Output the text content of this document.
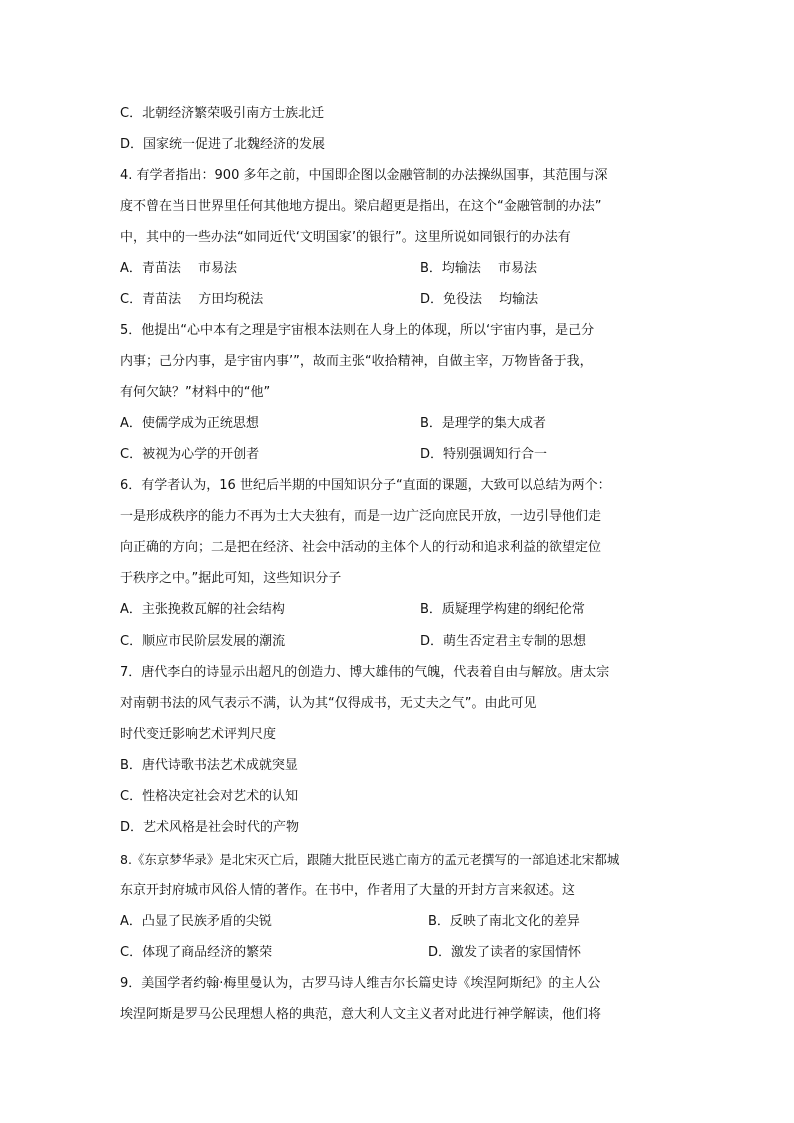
C．北朝经济繁荣吸引南方士族北迁
D．国家统一促进了北魏经济的发展
4. 有学者指出：900 多年之前，中国即企图以金融管制的办法操纵国事，其范围与深
度不曾在当日世界里任何其他地方提出。梁启超更是指出，在这个“金融管制的办法”
中，其中的一些办法“如同近代‘文明国家’的银行”。这里所说如同银行的办法有
A．青苗法　 市易法	B．均输法　 市易法
C．青苗法　 方田均税法	D．免役法　 均输法
5．他提出“心中本有之理是宇宙根本法则在人身上的体现，所以‘宇宙内事，是己分
内事；己分内事，是宇宙内事’”，故而主张“收拾精神，自做主宰，万物皆备于我，
有何欠缺？”材料中的“他”
A．使儒学成为正统思想	B．是理学的集大成者
C．被视为心学的开创者	D．特别强调知行合一
6．有学者认为，16 世纪后半期的中国知识分子“直面的课题，大致可以总结为两个：
一是形成秩序的能力不再为士大夫独有，而是一边广泛向庶民开放，一边引导他们走
向正确的方向；二是把在经济、社会中活动的主体个人的行动和追求利益的欲望定位
于秩序之中。”据此可知，这些知识分子
A．主张挽救瓦解的社会结构	B．质疑理学构建的纲纪伦常
C．顺应市民阶层发展的潮流	D．萌生否定君主专制的思想
7．唐代李白的诗显示出超凡的创造力、博大雄伟的气魄，代表着自由与解放。唐太宗
对南朝书法的风气表示不满，认为其“仅得成书，无丈夫之气”。由此可见
时代变迁影响艺术评判尺度
B．唐代诗歌书法艺术成就突显
C．性格决定社会对艺术的认知
D．艺术风格是社会时代的产物
8.《东京梦华录》是北宋灭亡后，跟随大批臣民逃亡南方的孟元老撰写的一部追述北宋都城
东京开封府城市风俗人情的著作。在书中，作者用了大量的开封方言来叙述。这
A．凸显了民族矛盾的尖锐	B．反映了南北文化的差异
C．体现了商品经济的繁荣	D．激发了读者的家国情怀
9．美国学者约翰·梅里曼认为，古罗马诗人维吉尔长篇史诗《埃涅阿斯纪》的主人公
埃涅阿斯是罗马公民理想人格的典范，意大利人文主义者对此进行神学解读，他们将
